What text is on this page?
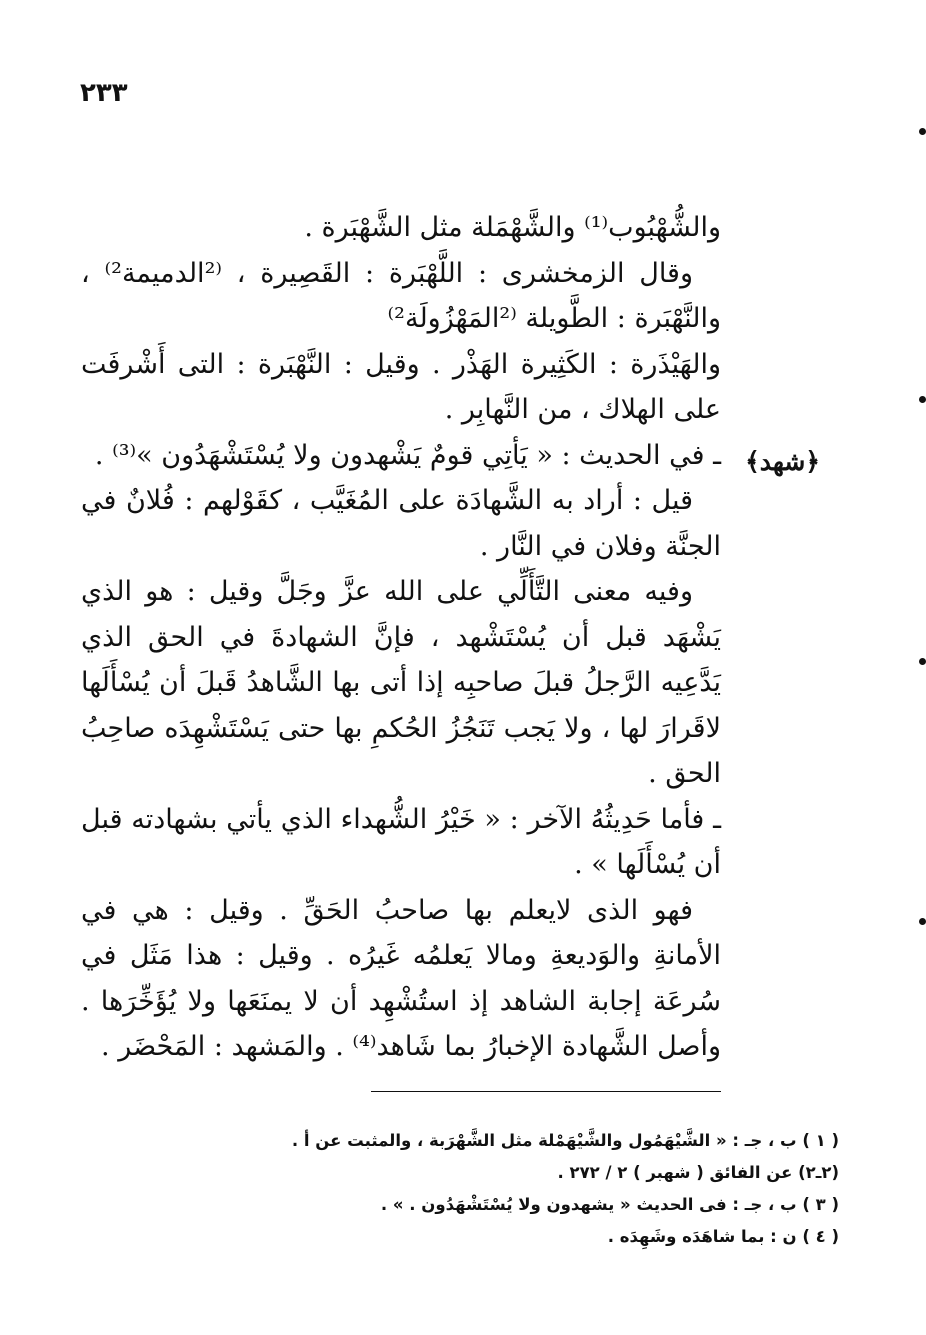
٢٣٣
﴿شهد﴾

والشُّهْبُوب⁽¹⁾ والشَّهْمَلة مثل الشَّهْبَرة .

وقال الزمخشرى : اللَّهْبَرة : القَصِيرة ، ⁽²الدميمة²⁾ ، والنَّهْبَرة : الطَّويلة ⁽²المَهْزُولَة²⁾

والهَيْذَرة : الكَثِيرة الهَذْر . وقيل : النَّهْبَرة : التى أَشْرفَت على الهلاك ، من النَّهابِر .

ـ في الحديث : « يَأتِي قومٌ يَشْهدون ولا يُسْتَشْهَدُون »⁽³⁾ .

قيل : أراد به الشَّهادَة على المُغَيَّب ، كقَوْلهم : فُلانٌ في الجنَّة وفلان في النَّار .

وفيه معنى التَّأَلِّي على الله عزَّ وجَلَّ وقيل : هو الذي يَشْهَد قبل أن يُسْتَشْهد ، فإنَّ الشهادةَ في الحق الذي يَدَّعِيه الرَّجلُ قبلَ صاحبِه إذا أتى بها الشَّاهدُ قَبلَ أن يُسْأَلَها لاقَرارَ لها ، ولا يَجب تَنَجُزُ الحُكمِ بها حتى يَسْتَشْهِدَه صاحِبُ الحق .

ـ فأما حَدِيثُهُ الآخر : « خَيْرُ الشُّهداء الذي يأتي بشهادته قبل أن يُسْأَلَها » .

فهو الذى لايعلم بها صاحبُ الحَقِّ . وقيل : هي في الأمانةِ والوَديعةِ ومالا يَعلمُه غَيرُه . وقيل : هذا مَثَل في سُرعَة إجابة الشاهد إذ استُشْهِد أن لا يمنَعَها ولا يُؤَخِّرَها . وأصل الشَّهادة الإخبارُ بما شَاهد⁽⁴⁾ . والمَشهد : المَحْضَر .

( ١ ) ب ، جـ : « الشَّيْهَمُول والشَّيْهَمْلة مثل الشَّهْرَبة ، والمثبت عن أ .

(٢ـ٢) عن الفائق ( شهبر ) ٢ / ٢٧٢ .

( ٣ ) ب ، جـ : فى الحديث « يشهدون ولا يُسْتَشْهَدُون . » .

( ٤ ) ن : بما شاهَدَه وشَهِدَه .
